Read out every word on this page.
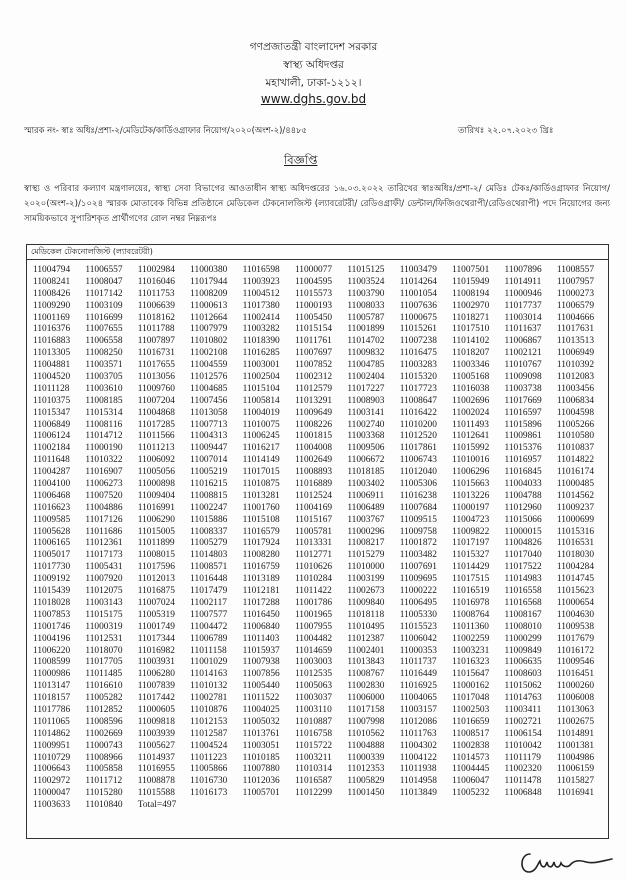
গণপ্রজাতন্ত্রী বাংলাদেশ সরকার
স্বাস্থ্য অধিদপ্তর
মহাখালী, ঢাকা-১২১২।
www.dghs.gov.bd
স্মারক নং- স্বাঃ অধিঃ/প্রশা-২/মেডিটেক/কার্ডিওগ্রাফার নিয়োগ/২০২০(অংশ-২)/৪৪৮৫	তারিখঃ ২২.০৭.২০২৩ খ্রিঃ
বিজ্ঞপ্তি
স্বাস্থ্য ও পরিবার কল্যাণ মন্ত্রণালয়ের, স্বাস্থ্য সেবা বিভাগের আওতাধীন স্বাস্থ্য অধিদপ্তরের ১৬.০৩.২০২২ তারিখের স্বাঃঅধিঃ/প্রশা-২/ মেডিঃ টেকঃ/কার্ডিওগ্রাফার নিয়োগ/২০২০(অংশ-২)/১০২৪ স্মারক মোতাবেক বিভিন্ন প্রতিষ্ঠানে মেডিকেল টেকনোলজিস্ট (ল্যাবরেটরী/ রেডিওগ্রাফী/ ডেন্টাল/ফিজিওথেরাপী/রেডিওথেরাপী) পদে নিয়োগের জন্য সাময়িকভাবে সুপারিশকৃত প্রার্থীগণের রোল নম্বর নিম্নরূপঃ
মেডিকেল টেকনোলজিস্ট (ল্যাবরেটরী)
11004794	11006557	11002984	11000380	11016598	11000077	11015125	11003479	11007501	11007896	11008557
11008241	11008047	11016046	11017944	11003923	11004595	11003524	11014264	11015949	11014911	11007957
11008426	11017142	11011753	11008209	11004512	11015573	11003790	11001054	11008194	11000946	11000273
11009290	11003109	11006639	11000613	11017380	11000193	11008033	11007636	11002970	11017737	11006579
11001169	11016699	11018162	11012664	11002414	11005450	11005787	11000675	11018271	11003014	11004666
11016376	11007655	11011788	11007979	11003282	11015154	11001899	11015261	11017510	11011637	11017631
11016883	11006558	11007897	11010802	11018390	11011761	11014702	11007238	11014102	11006867	11013513
11013305	11008250	11016731	11002108	11016285	11007697	11009832	11016475	11018207	11002121	11006949
11004881	11003571	11017655	11004559	11003001	11007852	11004785	11003283	11003346	11010767	11010392
11004520	11003705	11013056	11012576	11002504	11002312	11002404	11015320	11005168	11009098	11012083
11011128	11003610	11009760	11004685	11015104	11012579	11017227	11017723	11016038	11003738	11003456
11010375	11008185	11007204	11007456	11005814	11013291	11008903	11008647	11002696	11017669	11006834
11015347	11015314	11004868	11013058	11004019	11009649	11003141	11016422	11002024	11016597	11004598
11006849	11008116	11017285	11007713	11010075	11008226	11002740	11010200	11011493	11015896	11005266
11006124	11014712	11011566	11004313	11006245	11001815	11003368	11012520	11012641	11009861	11010580
11002184	11000190	11011213	11009447	11016217	11004008	11009506	11017861	11015992	11015376	11010837
11011648	11010322	11006092	11007014	11014149	11002649	11006672	11006743	11010016	11016957	11014822
11004287	11016907	11005056	11005219	11017015	11008893	11018185	11012040	11006296	11016845	11016174
11004100	11006273	11000898	11016215	11010875	11016889	11003402	11005306	11015663	11004033	11000485
11006468	11007520	11009404	11008815	11013281	11012524	11006911	11016238	11013226	11004788	11014562
11016623	11004886	11016991	11002247	11001760	11004169	11006489	11007684	11000197	11012960	11009237
11009585	11017126	11006290	11015886	11015108	11015167	11003767	11009515	11004723	11015066	11000699
11005628	11011686	11015005	11008337	11016579	11005781	11000296	11009758	11009822	11000015	11015316
11006165	11012361	11011899	11005279	11017924	11013331	11008217	11001872	11017197	11004826	11016531
11005017	11017173	11008015	11014803	11008280	11012771	11015279	11003482	11015327	11017040	11018030
11017730	11005431	11017596	11008571	11016759	11010626	11010000	11007691	11014429	11017522	11004284
11009192	11007920	11012013	11016448	11013189	11010284	11003199	11009695	11017515	11014983	11014745
11015439	11012075	11016875	11017479	11012181	11011422	11002673	11000222	11016519	11016558	11015623
11018028	11003143	11007024	11002117	11017288	11001786	11009840	11006495	11016978	11016568	11000654
11007853	11015175	11005319	11007577	11016450	11001965	11018118	11005330	11008764	11008167	11004630
11001746	11000319	11001749	11004472	11006840	11007955	11010495	11015523	11011360	11008010	11009538
11004196	11012531	11017344	11006789	11011403	11004482	11012387	11006042	11002259	11000299	11017679
11006220	11018070	11016982	11011158	11015937	11014659	11002401	11000353	11003231	11009849	11016172
11008599	11017705	11003931	11001029	11007938	11003003	11013843	11011737	11016323	11006635	11009546
11000986	11011485	11006280	11014163	11007856	11012535	11008767	11016449	11015647	11008603	11016451
11013147	11016610	11007839	11010132	11005440	11005063	11002830	11016925	11000162	11015062	11000260
11018157	11005282	11017442	11002781	11011522	11003037	11006000	11004065	11017048	11014763	11006008
11017786	11012852	11000605	11010876	11004025	11003110	11017158	11003157	11002503	11003411	11013063
11011065	11008596	11009818	11012153	11005032	11010887	11007998	11012086	11016659	11002721	11002675
11014862	11002669	11003939	11012587	11013761	11016758	11010562	11011763	11008517	11006154	11014891
11009951	11000743	11005627	11004524	11003051	11015722	11004888	11004302	11002838	11010042	11001381
11010729	11008966	11014937	11011223	11010185	11003211	11000339	11004122	11014573	11011179	11004986
11006643	11005858	11016955	11005866	11007880	11010314	11012353	11011938	11004445	11002320	11006159
11002972	11011712	11008878	11016730	11012036	11016587	11005829	11014958	11006047	11011478	11015827
11000047	11015280	11015588	11016173	11005701	11012299	11001450	11013849	11005232	11006848	11016941
11003633	11010840	Total=497
